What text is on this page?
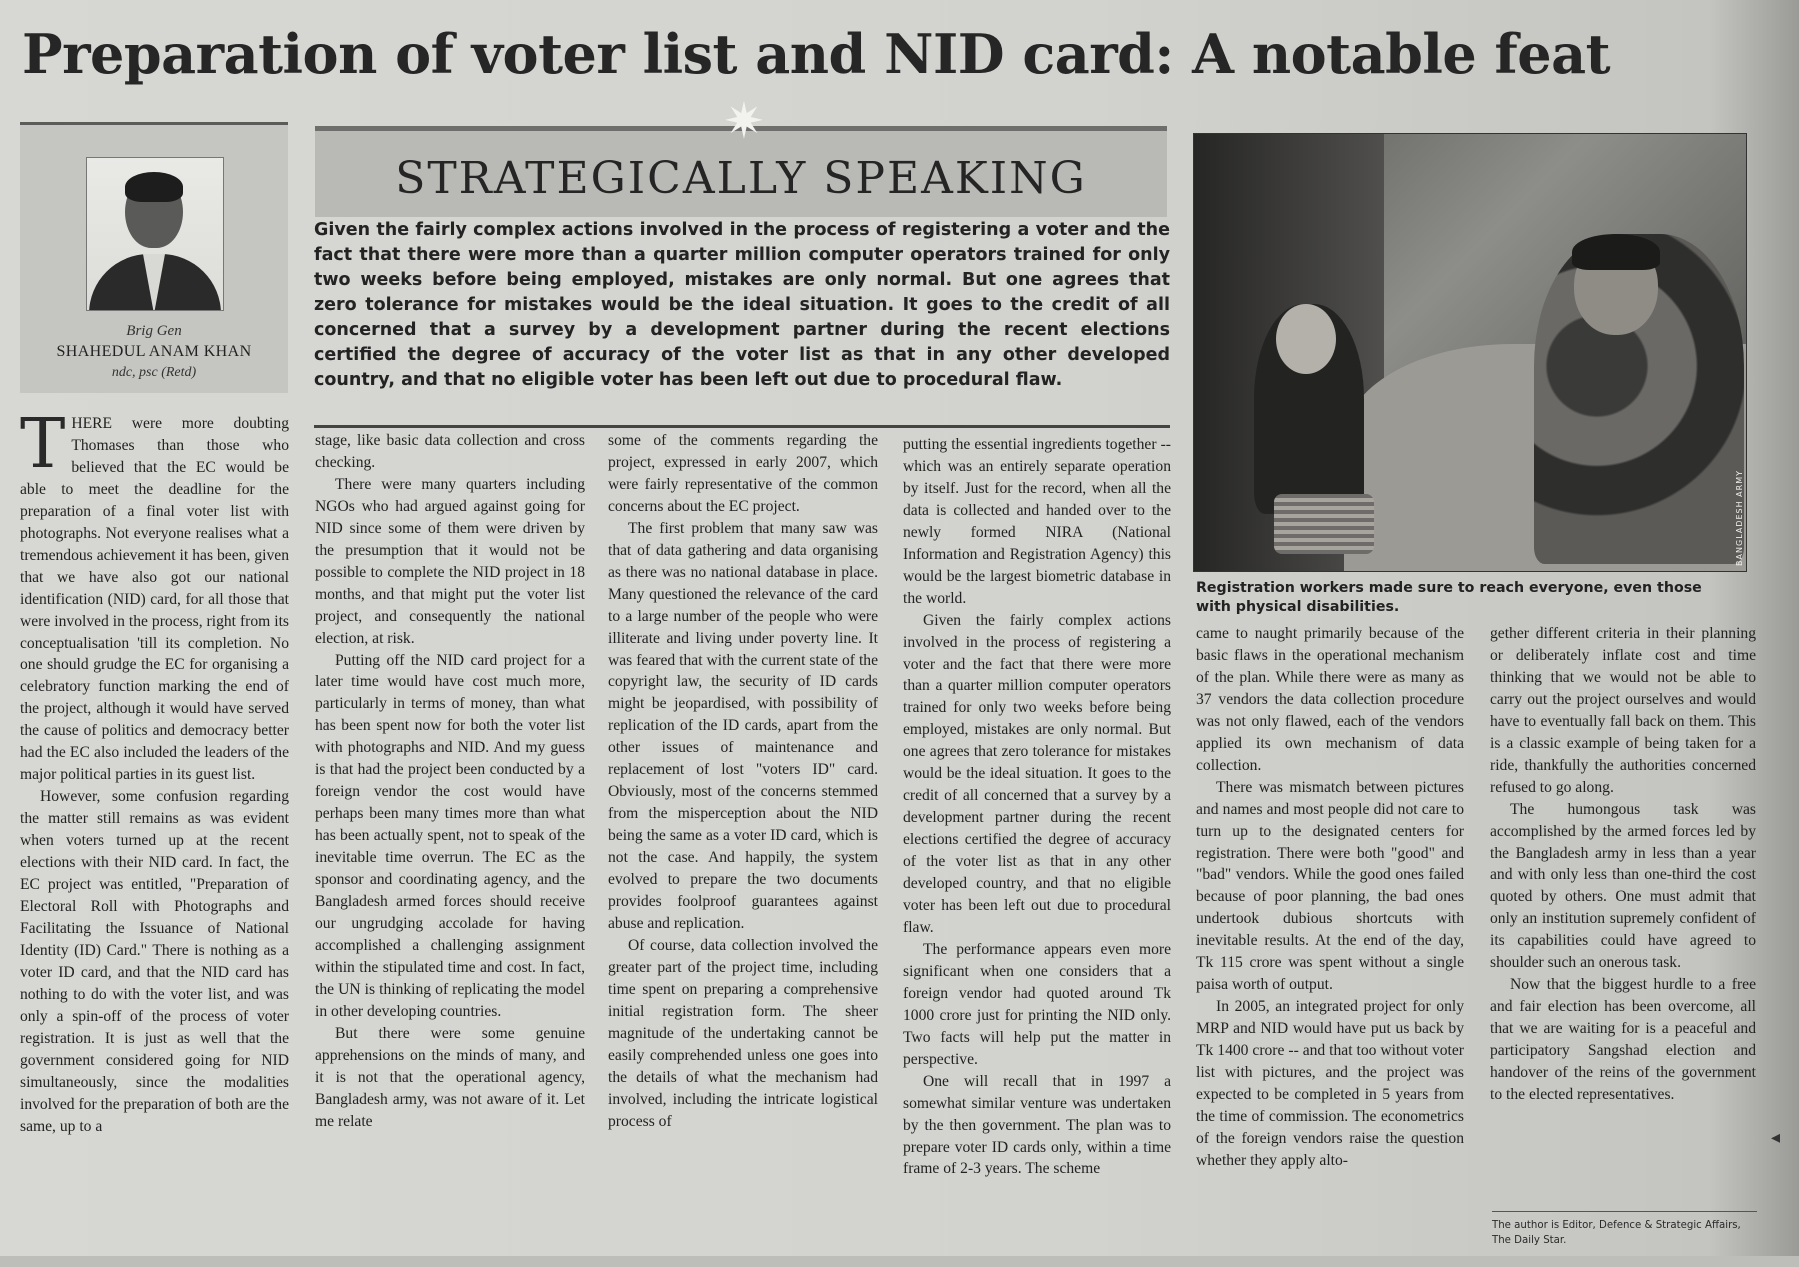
Preparation of voter list and NID card: A notable feat
Brig Gen
SHAHEDUL ANAM KHAN
ndc, psc (Retd)
STRATEGICALLY SPEAKING
✷
Given the fairly complex actions involved in the process of registering a voter and the fact that there were more than a quarter million computer operators trained for only two weeks before being employed, mistakes are only normal. But one agrees that zero tolerance for mistakes would be the ideal situation. It goes to the credit of all concerned that a survey by a development partner during the recent elections certified the degree of accuracy of the voter list as that in any other developed country, and that no eligible voter has been left out due to procedural flaw.

THERE were more doubting Thomases than those who believed that the EC would be able to meet the deadline for the preparation of a final voter list with photographs. Not everyone realises what a tremendous achievement it has been, given that we have also got our national identification (NID) card, for all those that were involved in the process, right from its conceptualisation 'till its completion. No one should grudge the EC for organising a celebratory function marking the end of the project, although it would have served the cause of politics and democracy better had the EC also included the leaders of the major political parties in its guest list.

However, some confusion regarding the matter still remains as was evident when voters turned up at the recent elections with their NID card. In fact, the EC project was entitled, "Preparation of Electoral Roll with Photographs and Facilitating the Issuance of National Identity (ID) Card." There is nothing as a voter ID card, and that the NID card has nothing to do with the voter list, and was only a spin-off of the process of voter registration. It is just as well that the government considered going for NID simultaneously, since the modalities involved for the preparation of both are the same, up to a

stage, like basic data collection and cross checking.

There were many quarters including NGOs who had argued against going for NID since some of them were driven by the presumption that it would not be possible to complete the NID project in 18 months, and that might put the voter list project, and consequently the national election, at risk.

Putting off the NID card project for a later time would have cost much more, particularly in terms of money, than what has been spent now for both the voter list with photographs and NID. And my guess is that had the project been conducted by a foreign vendor the cost would have perhaps been many times more than what has been actually spent, not to speak of the inevitable time overrun. The EC as the sponsor and coordinating agency, and the Bangladesh armed forces should receive our ungrudging accolade for having accomplished a challenging assignment within the stipulated time and cost. In fact, the UN is thinking of replicating the model in other developing countries.

But there were some genuine apprehensions on the minds of many, and it is not that the operational agency, Bangladesh army, was not aware of it. Let me relate

some of the comments regarding the project, expressed in early 2007, which were fairly representative of the common concerns about the EC project.

The first problem that many saw was that of data gathering and data organising as there was no national database in place. Many questioned the relevance of the card to a large number of the people who were illiterate and living under poverty line. It was feared that with the current state of the copyright law, the security of ID cards might be jeopardised, with possibility of replication of the ID cards, apart from the other issues of maintenance and replacement of lost "voters ID" card. Obviously, most of the concerns stemmed from the misperception about the NID being the same as a voter ID card, which is not the case. And happily, the system evolved to prepare the two documents provides foolproof guarantees against abuse and replication.

Of course, data collection involved the greater part of the project time, including time spent on preparing a comprehensive initial registration form. The sheer magnitude of the undertaking cannot be easily comprehended unless one goes into the details of what the mechanism had involved, including the intricate logistical process of

putting the essential ingredients together -- which was an entirely separate operation by itself. Just for the record, when all the data is collected and handed over to the newly formed NIRA (National Information and Registration Agency) this would be the largest biometric database in the world.

Given the fairly complex actions involved in the process of registering a voter and the fact that there were more than a quarter million computer operators trained for only two weeks before being employed, mistakes are only normal. But one agrees that zero tolerance for mistakes would be the ideal situation. It goes to the credit of all concerned that a survey by a development partner during the recent elections certified the degree of accuracy of the voter list as that in any other developed country, and that no eligible voter has been left out due to procedural flaw.

The performance appears even more significant when one considers that a foreign vendor had quoted around Tk 1000 crore just for printing the NID only. Two facts will help put the matter in perspective.

One will recall that in 1997 a somewhat similar venture was undertaken by the then government. The plan was to prepare voter ID cards only, within a time frame of 2-3 years. The scheme

BANGLADESH ARMY
Registration workers made sure to reach everyone, even those with physical disabilities.

came to naught primarily because of the basic flaws in the operational mechanism of the plan. While there were as many as 37 vendors the data collection procedure was not only flawed, each of the vendors applied its own mechanism of data collection.

There was mismatch between pictures and names and most people did not care to turn up to the designated centers for registration. There were both "good" and "bad" vendors. While the good ones failed because of poor planning, the bad ones undertook dubious shortcuts with inevitable results. At the end of the day, Tk 115 crore was spent without a single paisa worth of output.

In 2005, an integrated project for only MRP and NID would have put us back by Tk 1400 crore -- and that too without voter list with pictures, and the project was expected to be completed in 5 years from the time of commission. The econometrics of the foreign vendors raise the question whether they apply alto-

gether different criteria in their planning or deliberately inflate cost and time thinking that we would not be able to carry out the project ourselves and would have to eventually fall back on them. This is a classic example of being taken for a ride, thankfully the authorities concerned refused to go along.

The humongous task was accomplished by the armed forces led by the Bangladesh army in less than a year and with only less than one-third the cost quoted by others. One must admit that only an institution supremely confident of its capabilities could have agreed to shoulder such an onerous task.

Now that the biggest hurdle to a free and fair election has been overcome, all that we are waiting for is a peaceful and participatory Sangshad election and handover of the reins of the government to the elected representatives.

The author is Editor, Defence & Strategic Affairs, The Daily Star.
◂
